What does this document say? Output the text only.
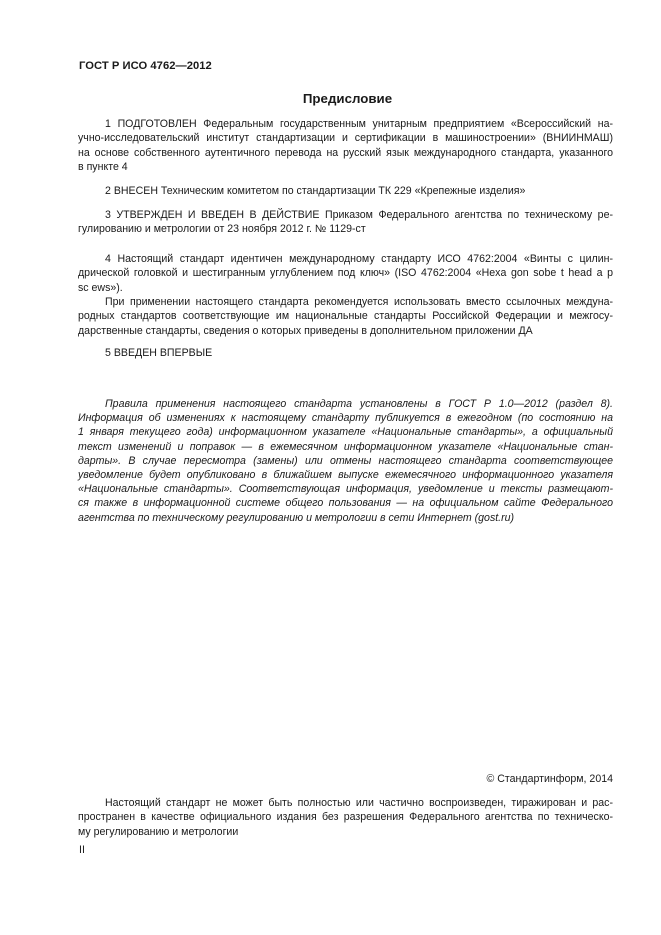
ГОСТ Р ИСО 4762—2012
Предисловие
1 ПОДГОТОВЛЕН Федеральным государственным унитарным предприятием «Всероссийский на-
учно-исследовательский институт стандартизации и сертификации в машиностроении» (ВНИИНМАШ)
на основе собственного аутентичного перевода на русский язык международного стандарта, указанного
в пункте 4
2 ВНЕСЕН Техническим комитетом по стандартизации ТК 229 «Крепежные изделия»
3 УТВЕРЖДЕН И ВВЕДЕН В ДЕЙСТВИЕ Приказом Федерального агентства по техническому ре-
гулированию и метрологии от 23 ноября 2012 г. № 1129-ст
4 Настоящий стандарт идентичен международному стандарту ИСО 4762:2004 «Винты с цилин-
дрической головкой и шестигранным углублением под ключ» (ISO 4762:2004 «Hexa gon sobe t head a p
sc ews»).
При применении настоящего стандарта рекомендуется использовать вместо ссылочных междуна-
родных стандартов соответствующие им национальные стандарты Российской Федерации и межгосу-
дарственные стандарты, сведения о которых приведены в дополнительном приложении ДА
5 ВВЕДЕН ВПЕРВЫЕ
Правила применения настоящего стандарта установлены в ГОСТ Р 1.0—2012 (раздел 8).
Информация об изменениях к настоящему стандарту публикуется в ежегодном (по состоянию на
1 января текущего года) информационном указателе «Национальные стандарты», а официальный
текст изменений и поправок — в ежемесячном информационном указателе «Национальные стан-
дарты». В случае пересмотра (замены) или отмены настоящего стандарта соответствующее
уведомление будет опубликовано в ближайшем выпуске ежемесячного информационного указателя
«Национальные стандарты». Соответствующая информация, уведомление и тексты размещают-
ся также в информационной системе общего пользования — на официальном сайте Федерального
агентства по техническому регулированию и метрологии в сети Интернет (gost.ru)
© Стандартинформ, 2014
Настоящий стандарт не может быть полностью или частично воспроизведен, тиражирован и рас-
пространен в качестве официального издания без разрешения Федерального агентства по техническо-
му регулированию и метрологии
II
